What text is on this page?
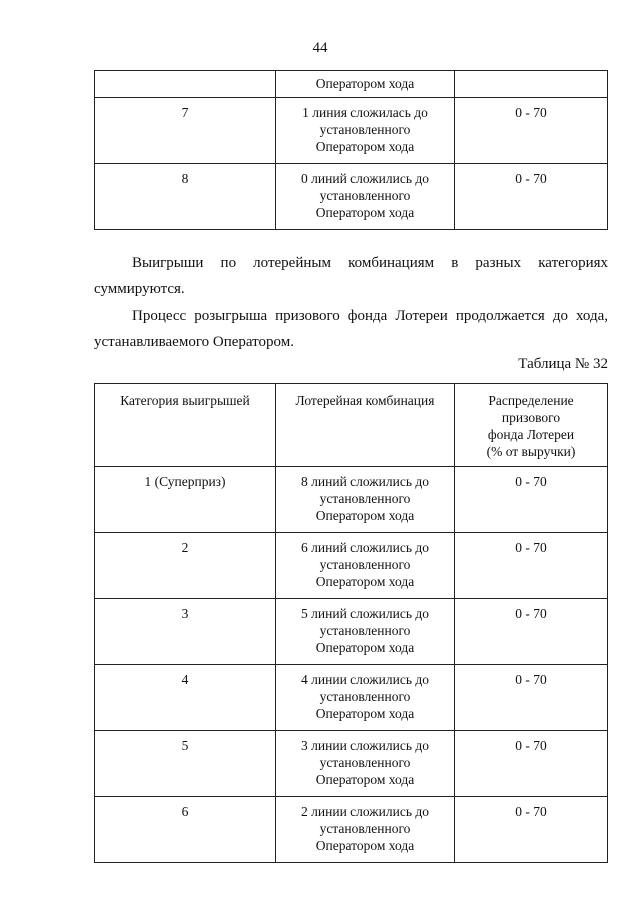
44
	Оператором хода	
7	1 линия сложилась до
установленного
Оператором хода	0 - 70
8	0 линий сложились до
установленного
Оператором хода	0 - 70
Выигрыши по лотерейным комбинациям в разных категориях
суммируются.
Процесс розыгрыша призового фонда Лотереи продолжается до хода,
устанавливаемого Оператором.
Таблица № 32
Категория выигрышей	Лотерейная комбинация	Распределение призового
фонда Лотереи
(% от выручки)
1 (Суперприз)	8 линий сложились до
установленного
Оператором хода	0 - 70
2	6 линий сложились до
установленного
Оператором хода	0 - 70
3	5 линий сложились до
установленного
Оператором хода	0 - 70
4	4 линии сложились до
установленного
Оператором хода	0 - 70
5	3 линии сложились до
установленного
Оператором хода	0 - 70
6	2 линии сложились до
установленного
Оператором хода	0 - 70
